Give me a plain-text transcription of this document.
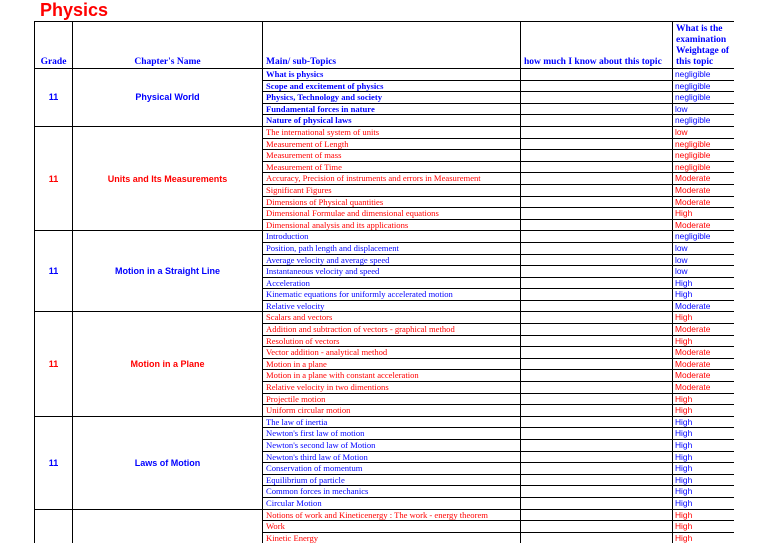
Physics
Grade	Chapter's Name	Main/ sub-Topics	how much I know about this topic	What is the examination Weightage of this topic
11	Physical World	What is physics		negligible
		Scope and excitement of physics		negligible
		Physics, Technology and society		negligible
		Fundamental forces in nature		low
		Nature of physical laws		negligible
11	Units and Its Measurements	The international system of units		low
		Measurement of Length		negligible
		Measurement of mass		negligible
		Measurement of Time		negligible
		Accuracy, Precision of instruments and errors in Measurement		Moderate
		Significant Figures		Moderate
		Dimensions of Physical quantities		Moderate
		Dimensional Formulae and dimensional equations		High
		Dimensional analysis and its applications		Moderate
11	Motion in a Straight Line	Introduction		negligible
		Position, path length and displacement		low
		Average velocity and average speed		low
		Instantaneous velocity and speed		low
		Acceleration		High
		Kinematic equations for uniformly accelerated motion		High
		Relative velocity		Moderate
11	Motion in a Plane	Scalars and vectors		High
		Addition and subtraction of vectors - graphical method		Moderate
		Resolution of vectors		High
		Vector addition - analytical method		Moderate
		Motion in a plane		Moderate
		Motion in a plane with constant acceleration		Moderate
		Relative velocity in two dimentions		Moderate
		Projectile motion		High
		Uniform circular motion		High
11	Laws of Motion	The law of inertia		High
		Newton's first law of motion		High
		Newton's second law of Motion		High
		Newton's third law of Motion		High
		Conservation of momentum		High
		Equilibrium of particle		High
		Common forces in mechanics		High
		Circular Motion		High
		Notions of work and Kineticenergy : The work - energy theorem		High
		Work		High
		Kinetic Energy		High
